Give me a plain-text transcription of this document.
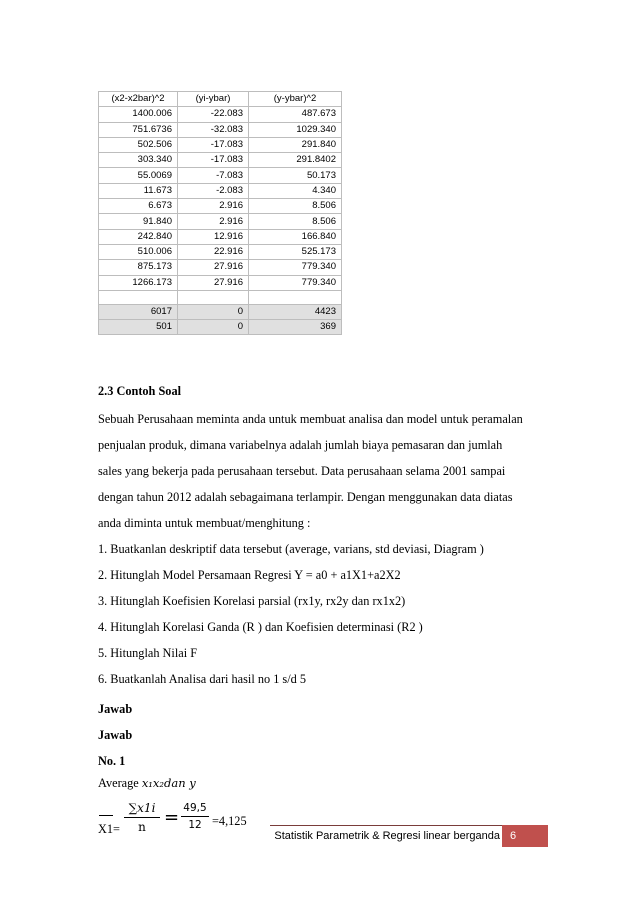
(x2-x2bar)^2	(yi-ybar)	(y-ybar)^2
1400.006	-22.083	487.673
751.6736	-32.083	1029.340
502.506	-17.083	291.840
303.340	-17.083	291.8402
55.0069	-7.083	50.173
11.673	-2.083	4.340
6.673	2.916	8.506
91.840	2.916	8.506
242.840	12.916	166.840
510.006	22.916	525.173
875.173	27.916	779.340
1266.173	27.916	779.340

6017	0	4423
501	0	369
2.3 Contoh Soal
Sebuah Perusahaan meminta anda untuk membuat analisa dan model untuk peramalan
penjualan produk, dimana variabelnya adalah jumlah biaya pemasaran dan jumlah
sales yang bekerja pada perusahaan tersebut. Data perusahaan selama 2001 sampai
dengan tahun 2012 adalah sebagaimana terlampir. Dengan menggunakan data diatas
anda diminta untuk membuat/menghitung :
1. Buatkanlan deskriptif data tersebut (average, varians, std deviasi, Diagram )
2. Hitunglah Model Persamaan Regresi Y = a0 + a1X1+a2X2
3. Hitunglah Koefisien Korelasi parsial (rx1y, rx2y dan rx1x2)
4. Hitunglah Korelasi Ganda (R ) dan Koefisien determinasi (R2 )
5. Hitunglah Nilai F
6. Buatkanlah Analisa dari hasil no 1 s/d 5
Jawab
Jawab
No. 1
Average x₁x₂dan y
X1=
∑x1i
n	= 49,5
12 =4,125
Statistik Parametrik & Regresi linear berganda 6
